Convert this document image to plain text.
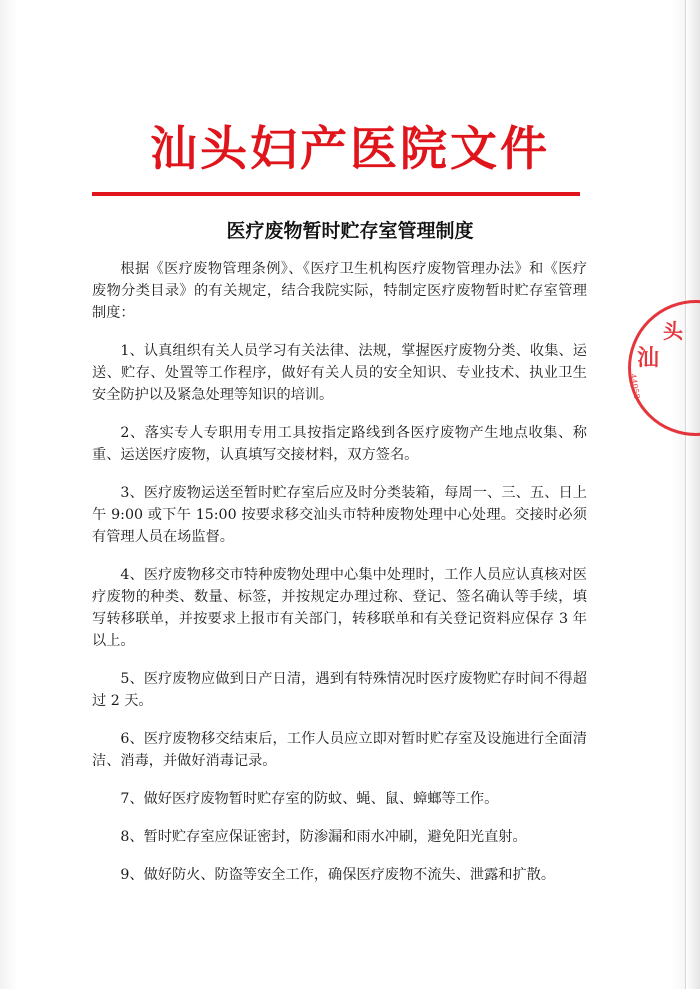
汕头妇产医院文件
医疗废物暂时贮存室管理制度

根据《医疗废物管理条例》、《医疗卫生机构医疗废物管理办法》和《医疗废物分类目录》的有关规定，结合我院实际，特制定医疗废物暂时贮存室管理制度：

1、认真组织有关人员学习有关法律、法规，掌握医疗废物分类、收集、运送、贮存、处置等工作程序，做好有关人员的安全知识、专业技术、执业卫生安全防护以及紧急处理等知识的培训。

2、落实专人专职用专用工具按指定路线到各医疗废物产生地点收集、称重、运送医疗废物，认真填写交接材料，双方签名。

3、医疗废物运送至暂时贮存室后应及时分类装箱，每周一、三、五、日上午 9:00 或下午 15:00 按要求移交汕头市特种废物处理中心处理。交接时必须有管理人员在场监督。

4、医疗废物移交市特种废物处理中心集中处理时，工作人员应认真核对医疗废物的种类、数量、标签，并按规定办理过称、登记、签名确认等手续，填写转移联单，并按要求上报市有关部门，转移联单和有关登记资料应保存 3 年以上。

5、医疗废物应做到日产日清，遇到有特殊情况时医疗废物贮存时间不得超过 2 天。

6、医疗废物移交结束后，工作人员应立即对暂时贮存室及设施进行全面清洁、消毒，并做好消毒记录。

7、做好医疗废物暂时贮存室的防蚊、蝇、鼠、蟑螂等工作。

8、暂时贮存室应保证密封，防渗漏和雨水冲刷，避免阳光直射。

9、做好防火、防盗等安全工作，确保医疗废物不流失、泄露和扩散。

头
汕
44058
